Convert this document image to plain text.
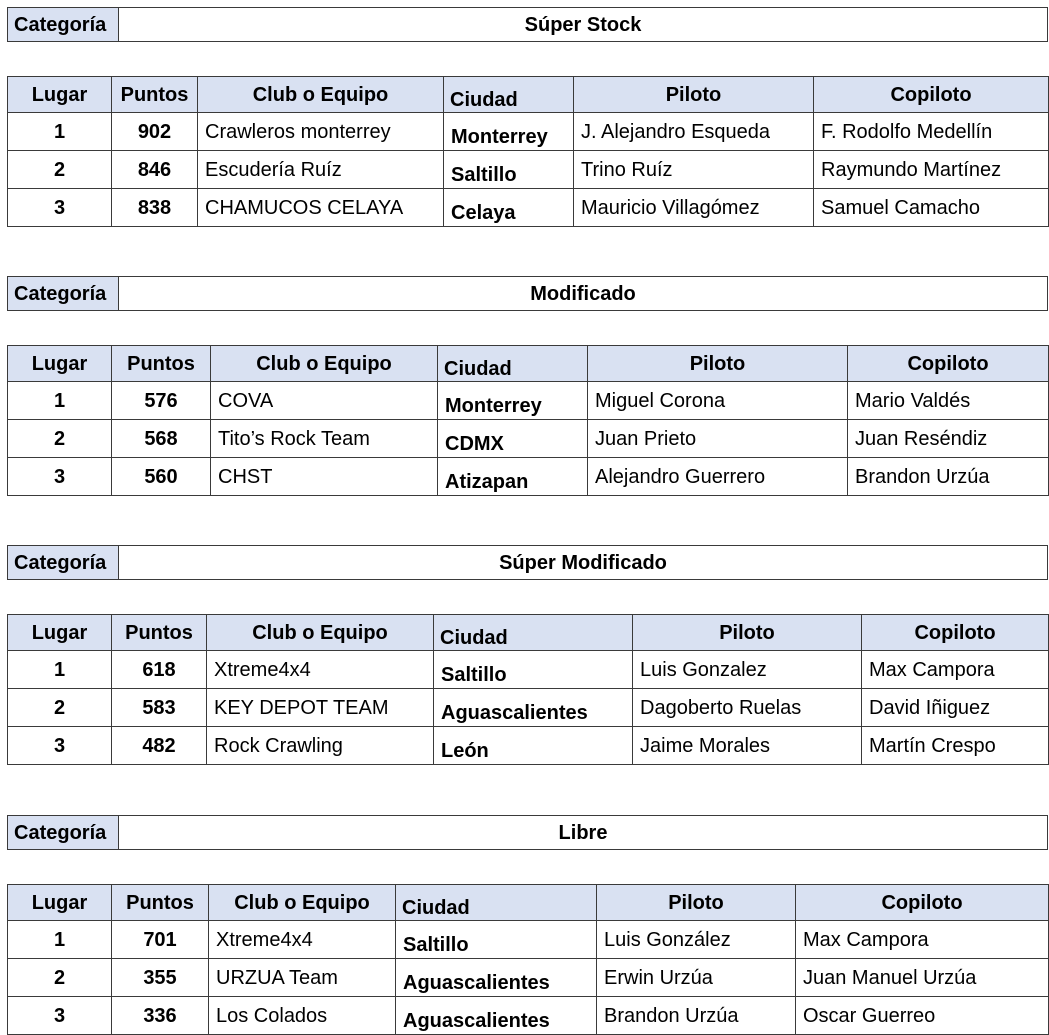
Categoría	Súper Stock
Lugar	Puntos	Club o Equipo	Ciudad	Piloto	Copiloto
1	902	Crawleros monterrey	Monterrey	J. Alejandro Esqueda	F. Rodolfo Medellín
2	846	Escudería Ruíz	Saltillo	Trino Ruíz	Raymundo Martínez
3	838	CHAMUCOS CELAYA	Celaya	Mauricio Villagómez	Samuel Camacho
Categoría	Modificado
Lugar	Puntos	Club o Equipo	Ciudad	Piloto	Copiloto
1	576	COVA	Monterrey	Miguel Corona	Mario Valdés
2	568	Tito’s Rock Team	CDMX	Juan Prieto	Juan Reséndiz
3	560	CHST	Atizapan	Alejandro Guerrero	Brandon Urzúa
Categoría	Súper Modificado
Lugar	Puntos	Club o Equipo	Ciudad	Piloto	Copiloto
1	618	Xtreme4x4	Saltillo	Luis Gonzalez	Max Campora
2	583	KEY DEPOT TEAM	Aguascalientes	Dagoberto Ruelas	David Iñiguez
3	482	Rock Crawling	León	Jaime Morales	Martín Crespo
Categoría	Libre
Lugar	Puntos	Club o Equipo	Ciudad	Piloto	Copiloto
1	701	Xtreme4x4	Saltillo	Luis González	Max Campora
2	355	URZUA Team	Aguascalientes	Erwin Urzúa	Juan Manuel Urzúa
3	336	Los Colados	Aguascalientes	Brandon Urzúa	Oscar Guerreo
